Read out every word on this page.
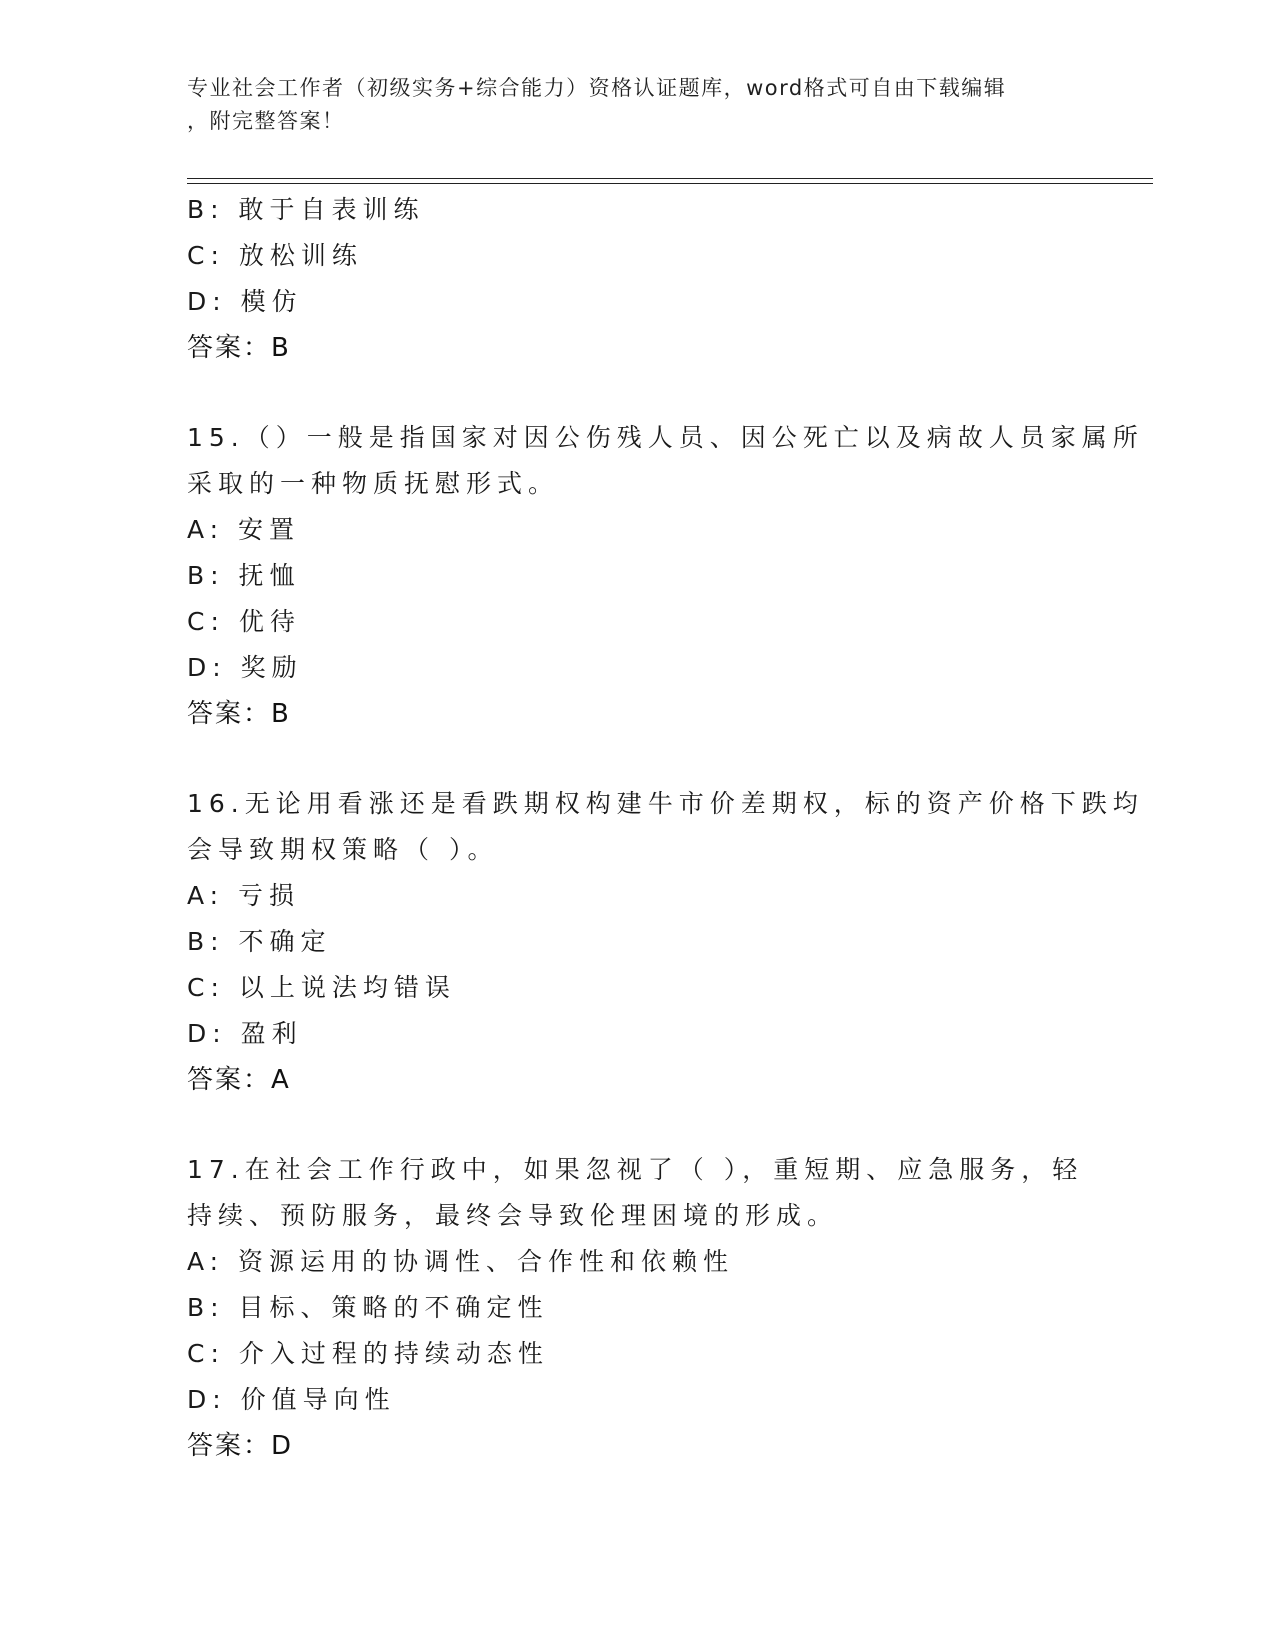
专业社会工作者（初级实务+综合能力）资格认证题库，word格式可自由下载编辑
，附完整答案！
B: 敢于自表训练
C: 放松训练
D: 模仿
答案：B
15.（）一般是指国家对因公伤残人员、因公死亡以及病故人员家属所
采取的一种物质抚慰形式。
A: 安置
B: 抚恤
C: 优待
D: 奖励
答案：B
16.无论用看涨还是看跌期权构建牛市价差期权，标的资产价格下跌均
会导致期权策略（ ）。
A: 亏损
B: 不确定
C: 以上说法均错误
D: 盈利
答案：A
17.在社会工作行政中，如果忽视了（ ），重短期、应急服务，轻
持续、预防服务，最终会导致伦理困境的形成。
A: 资源运用的协调性、合作性和依赖性
B: 目标、策略的不确定性
C: 介入过程的持续动态性
D: 价值导向性
答案：D
